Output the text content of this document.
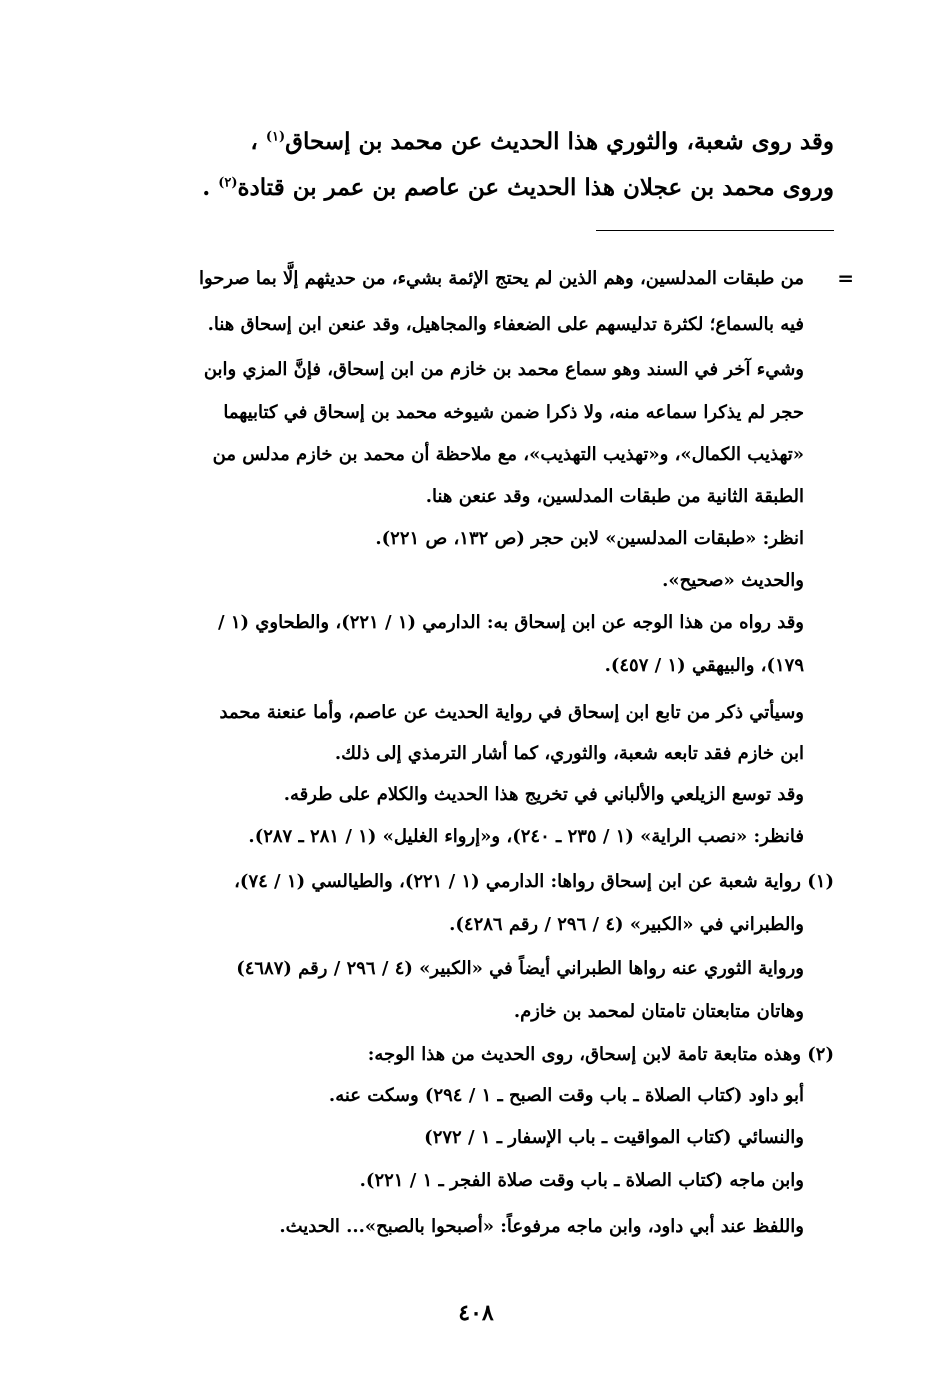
وقد روى شعبة، والثوري هذا الحديث عن محمد بن إسحاق$^{(١)}$ ،
وروى محمد بن عجلان هذا الحديث عن عاصم بن عمر بن قتادة$^{(٢)}$ .
=
من طبقات المدلسين، وهم الذين لم يحتج الإئمة بشيء، من حديثهم إلَّا بما صرحوا
فيه بالسماع؛ لكثرة تدليسهم على الضعفاء والمجاهيل، وقد عنعن ابن إسحاق هنا.
وشيء آخر في السند وهو سماع محمد بن خازم من ابن إسحاق، فإنَّ المزي وابن
حجر لم يذكرا سماعه منه، ولا ذكرا ضمن شيوخه محمد بن إسحاق في كتابيهما
«تهذيب الكمال»، و«تهذيب التهذيب»، مع ملاحظة أن محمد بن خازم مدلس من
الطبقة الثانية من طبقات المدلسين، وقد عنعن هنا.
انظر: «طبقات المدلسين» لابن حجر (ص ١٣٢، ص ٢٢١).
والحديث «صحيح».
وقد رواه من هذا الوجه عن ابن إسحاق به: الدارمي (١ / ٢٢١)، والطحاوي (١ /
١٧٩)، والبيهقي (١ / ٤٥٧).
وسيأتي ذكر من تابع ابن إسحاق في رواية الحديث عن عاصم، وأما عنعنة محمد
ابن خازم فقد تابعه شعبة، والثوري، كما أشار الترمذي إلى ذلك.
وقد توسع الزيلعي والألباني في تخريج هذا الحديث والكلام على طرقه.
فانظر: «نصب الراية» (١ / ٢٣٥ ـ ٢٤٠)، و«إرواء الغليل» (١ / ٢٨١ ـ ٢٨٧).
(١) رواية شعبة عن ابن إسحاق رواها: الدارمي (١ / ٢٢١)، والطيالسي (١ / ٧٤)،
والطبراني في «الكبير» (٤ / ٢٩٦ / رقم ٤٢٨٦).
ورواية الثوري عنه رواها الطبراني أيضاً في «الكبير» (٤ / ٢٩٦ / رقم (٤٦٨٧)
وهاتان متابعتان تامتان لمحمد بن خازم.
(٢) وهذه متابعة تامة لابن إسحاق، روى الحديث من هذا الوجه:
أبو داود (كتاب الصلاة ـ باب وقت الصبح ـ ١ / ٢٩٤) وسكت عنه.
والنسائي (كتاب المواقيت ـ باب الإسفار ـ ١ / ٢٧٢)
وابن ماجه (كتاب الصلاة ـ باب وقت صلاة الفجر ـ ١ / ٢٢١).
واللفظ عند أبي داود، وابن ماجه مرفوعاً: «أصبحوا بالصبح»... الحديث.
٤٠٨
